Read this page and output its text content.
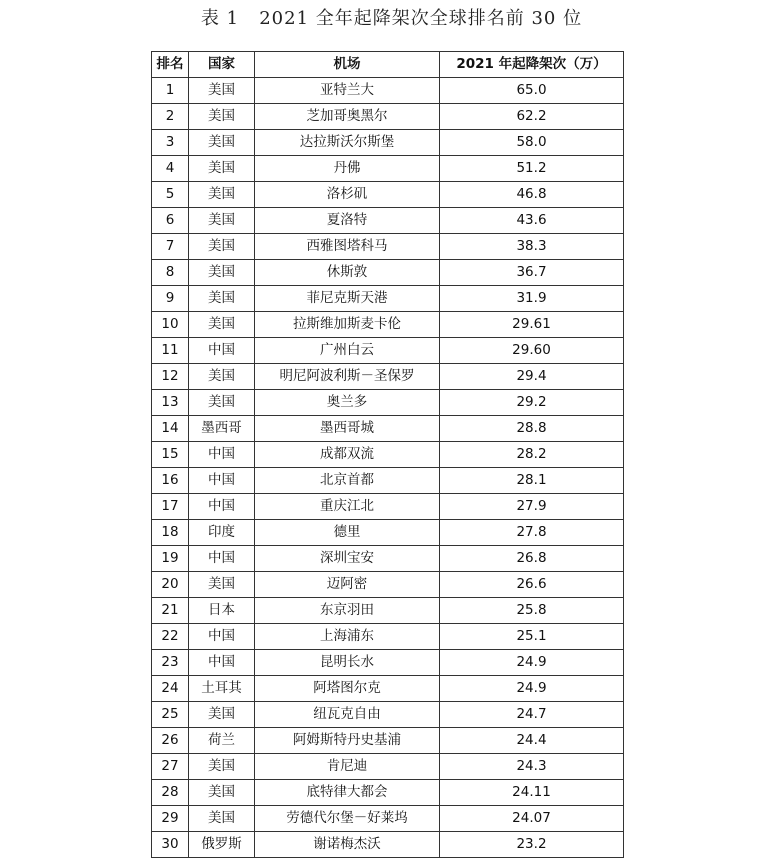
表 1 2021 全年起降架次全球排名前 30 位
排名	国家	机场	2021 年起降架次（万）
1	美国	亚特兰大	65.0
2	美国	芝加哥奥黑尔	62.2
3	美国	达拉斯沃尔斯堡	58.0
4	美国	丹佛	51.2
5	美国	洛杉矶	46.8
6	美国	夏洛特	43.6
7	美国	西雅图塔科马	38.3
8	美国	休斯敦	36.7
9	美国	菲尼克斯天港	31.9
10	美国	拉斯维加斯麦卡伦	29.61
11	中国	广州白云	29.60
12	美国	明尼阿波利斯－圣保罗	29.4
13	美国	奥兰多	29.2
14	墨西哥	墨西哥城	28.8
15	中国	成都双流	28.2
16	中国	北京首都	28.1
17	中国	重庆江北	27.9
18	印度	德里	27.8
19	中国	深圳宝安	26.8
20	美国	迈阿密	26.6
21	日本	东京羽田	25.8
22	中国	上海浦东	25.1
23	中国	昆明长水	24.9
24	土耳其	阿塔图尔克	24.9
25	美国	纽瓦克自由	24.7
26	荷兰	阿姆斯特丹史基浦	24.4
27	美国	肯尼迪	24.3
28	美国	底特律大都会	24.11
29	美国	劳德代尔堡－好莱坞	24.07
30	俄罗斯	谢诺梅杰沃	23.2
